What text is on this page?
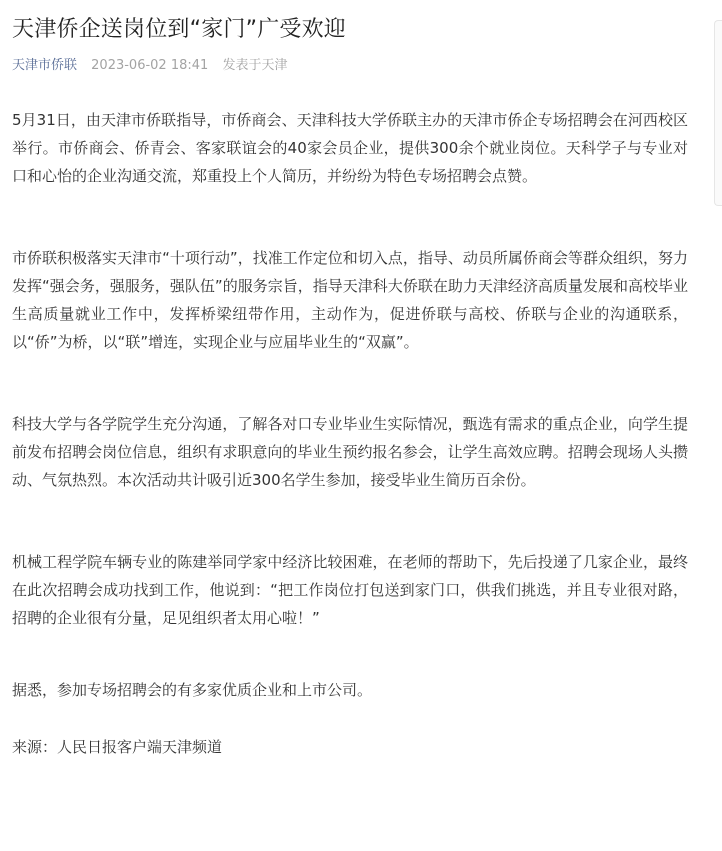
天津侨企送岗位到“家门”广受欢迎
天津市侨联 2023-06-02 18:41 发表于天津

5月31日，由天津市侨联指导，市侨商会、天津科技大学侨联主办的天津市侨企专场招聘会在河西校区举行。市侨商会、侨青会、客家联谊会的40家会员企业，提供300余个就业岗位。天科学子与专业对口和心怡的企业沟通交流，郑重投上个人简历，并纷纷为特色专场招聘会点赞。

市侨联积极落实天津市“十项行动”，找准工作定位和切入点，指导、动员所属侨商会等群众组织，努力发挥“强会务，强服务，强队伍”的服务宗旨，指导天津科大侨联在助力天津经济高质量发展和高校毕业生高质量就业工作中，发挥桥梁纽带作用，主动作为，促进侨联与高校、侨联与企业的沟通联系，以“侨”为桥，以“联”增连，实现企业与应届毕业生的“双赢”。

科技大学与各学院学生充分沟通，了解各对口专业毕业生实际情况，甄选有需求的重点企业，向学生提前发布招聘会岗位信息，组织有求职意向的毕业生预约报名参会，让学生高效应聘。招聘会现场人头攒动、气氛热烈。本次活动共计吸引近300名学生参加，接受毕业生简历百余份。

机械工程学院车辆专业的陈建举同学家中经济比较困难，在老师的帮助下，先后投递了几家企业，最终在此次招聘会成功找到工作，他说到：“把工作岗位打包送到家门口，供我们挑选，并且专业很对路，招聘的企业很有分量，足见组织者太用心啦！”

据悉，参加专场招聘会的有多家优质企业和上市公司。

来源：人民日报客户端天津频道
